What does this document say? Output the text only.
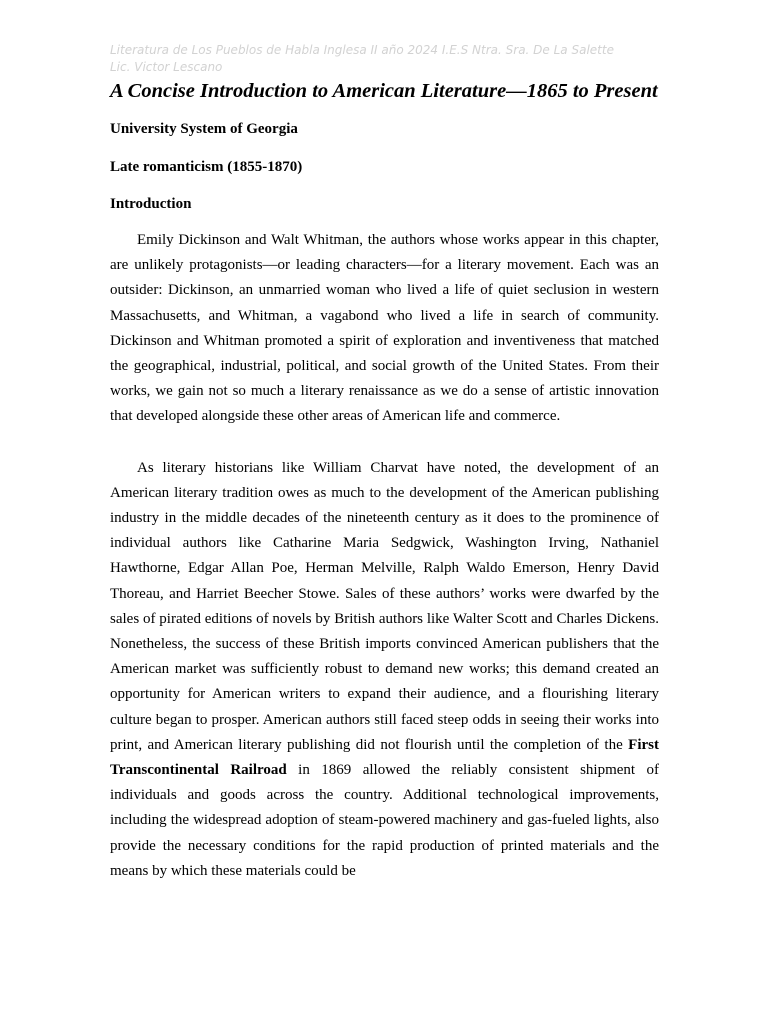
Literatura de Los Pueblos de Habla Inglesa II año 2024 I.E.S Ntra. Sra. De La Salette
Lic. Victor Lescano
A Concise Introduction to American Literature—1865 to Present

University System of Georgia

Late romanticism (1855-1870)

Introduction

Emily Dickinson and Walt Whitman, the authors whose works appear in this chapter, are unlikely protagonists—or leading characters—for a literary movement. Each was an outsider: Dickinson, an unmarried woman who lived a life of quiet seclusion in western Massachusetts, and Whitman, a vagabond who lived a life in search of community. Dickinson and Whitman promoted a spirit of exploration and inventiveness that matched the geographical, industrial, political, and social growth of the United States. From their works, we gain not so much a literary renaissance as we do a sense of artistic innovation that developed alongside these other areas of American life and commerce.

As literary historians like William Charvat have noted, the development of an American literary tradition owes as much to the development of the American publishing industry in the middle decades of the nineteenth century as it does to the prominence of individual authors like Catharine Maria Sedgwick, Washington Irving, Nathaniel Hawthorne, Edgar Allan Poe, Herman Melville, Ralph Waldo Emerson, Henry David Thoreau, and Harriet Beecher Stowe. Sales of these authors’ works were dwarfed by the sales of pirated editions of novels by British authors like Walter Scott and Charles Dickens. Nonetheless, the success of these British imports convinced American publishers that the American market was sufficiently robust to demand new works; this demand created an opportunity for American writers to expand their audience, and a flourishing literary culture began to prosper. American authors still faced steep odds in seeing their works into print, and American literary publishing did not flourish until the completion of the First Transcontinental Railroad in 1869 allowed the reliably consistent shipment of individuals and goods across the country. Additional technological improvements, including the widespread adoption of steam-powered machinery and gas-fueled lights, also provide the necessary conditions for the rapid production of printed materials and the means by which these materials could be
